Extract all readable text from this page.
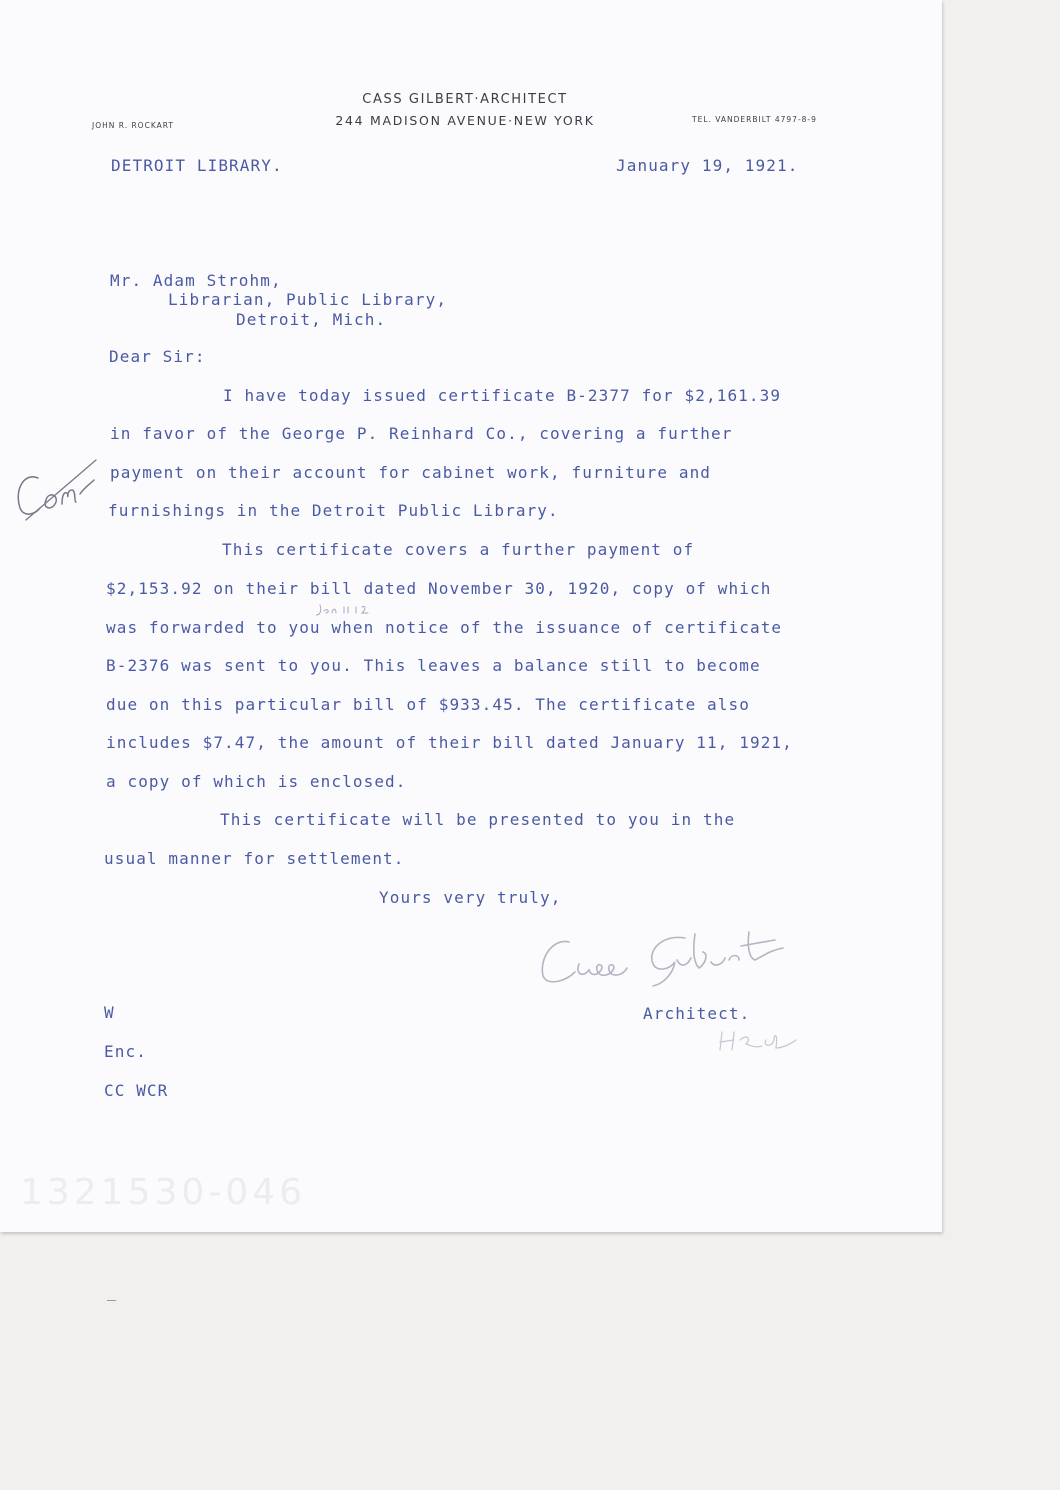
CASS GILBERT·ARCHITECT
244 MADISON AVENUE·NEW YORK
JOHN R. ROCKART
TEL. VANDERBILT 4797-8-9
DETROIT LIBRARY.	January 19, 1921.
Mr. Adam Strohm,
Librarian, Public Library,
Detroit, Mich.
Dear Sir:
I have today issued certificate B-2377 for $2,161.39
in favor of the George P. Reinhard Co., covering a further
payment on their account for cabinet work, furniture and
furnishings in the Detroit Public Library.
This certificate covers a further payment of
$2,153.92 on their bill dated November 30, 1920, copy of which
was forwarded to you when notice of the issuance of certificate
B-2376 was sent to you. This leaves a balance still to become
due on this particular bill of $933.45. The certificate also
includes $7.47, the amount of their bill dated January 11, 1921,
a copy of which is enclosed.
This certificate will be presented to you in the
usual manner for settlement.
Yours very truly,
Architect.
W
Enc.
CC WCR
1321530-046
